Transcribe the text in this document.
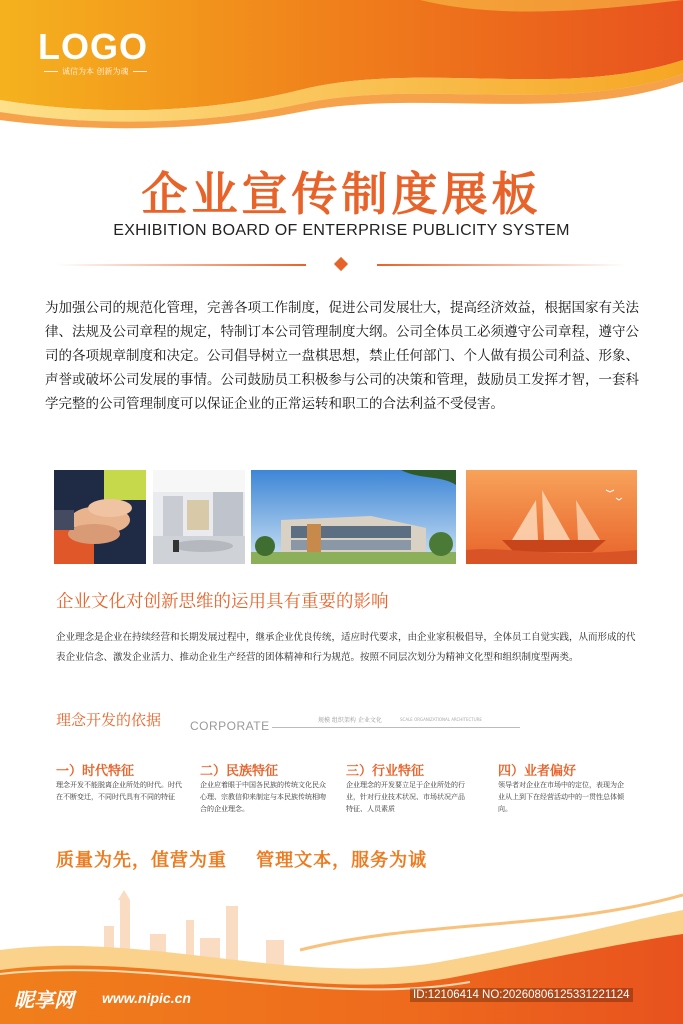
LOGO
诚信为本 创新为魂
企业宣传制度展板
EXHIBITION BOARD OF ENTERPRISE PUBLICITY SYSTEM
为加强公司的规范化管理，完善各项工作制度，促进公司发展壮大，提高经济效益，根据国家有关法律、法规及公司章程的规定，特制订本公司管理制度大纲。公司全体员工必须遵守公司章程，遵守公司的各项规章制度和决定。公司倡导树立一盘棋思想，禁止任何部门、个人做有损公司利益、形象、声誉或破坏公司发展的事情。公司鼓励员工积极参与公司的决策和管理，鼓励员工发挥才智，一套科学完整的公司管理制度可以保证企业的正常运转和职工的合法利益不受侵害。
企业文化对创新思维的运用具有重要的影响
企业理念是企业在持续经营和长期发展过程中，继承企业优良传统，适应时代要求，由企业家积极倡导，全体员工自觉实践，从而形成的代表企业信念、激发企业活力、推动企业生产经营的团体精神和行为规范。按照不同层次划分为精神文化型和组织制度型两类。
理念开发的依据 CORPORATE	规模 组织架构 企业文化	SCALE ORGANIZATIONAL ARCHITECTURE
一）时代特征
理念开发不能脱离企业所处的时代。时代在不断变迁，不同时代具有不同的特征
二）民族特征
企业应着眼于中国各民族的传统文化民众心理、宗教信仰来制定与本民族传统相吻合的企业理念。
三）行业特征
企业理念的开发要立足于企业所处的行业，针对行业技术状况、市场状况产品特征、人员素质
四）业者偏好
领导者对企业在市场中的定位，表现为企业从上到下在经营活动中的一贯性总体倾向。
质量为先，值营为重    管理文本，服务为诚
昵享网 www.nipic.cn	ID:12106414 NO:20260806125331221124
